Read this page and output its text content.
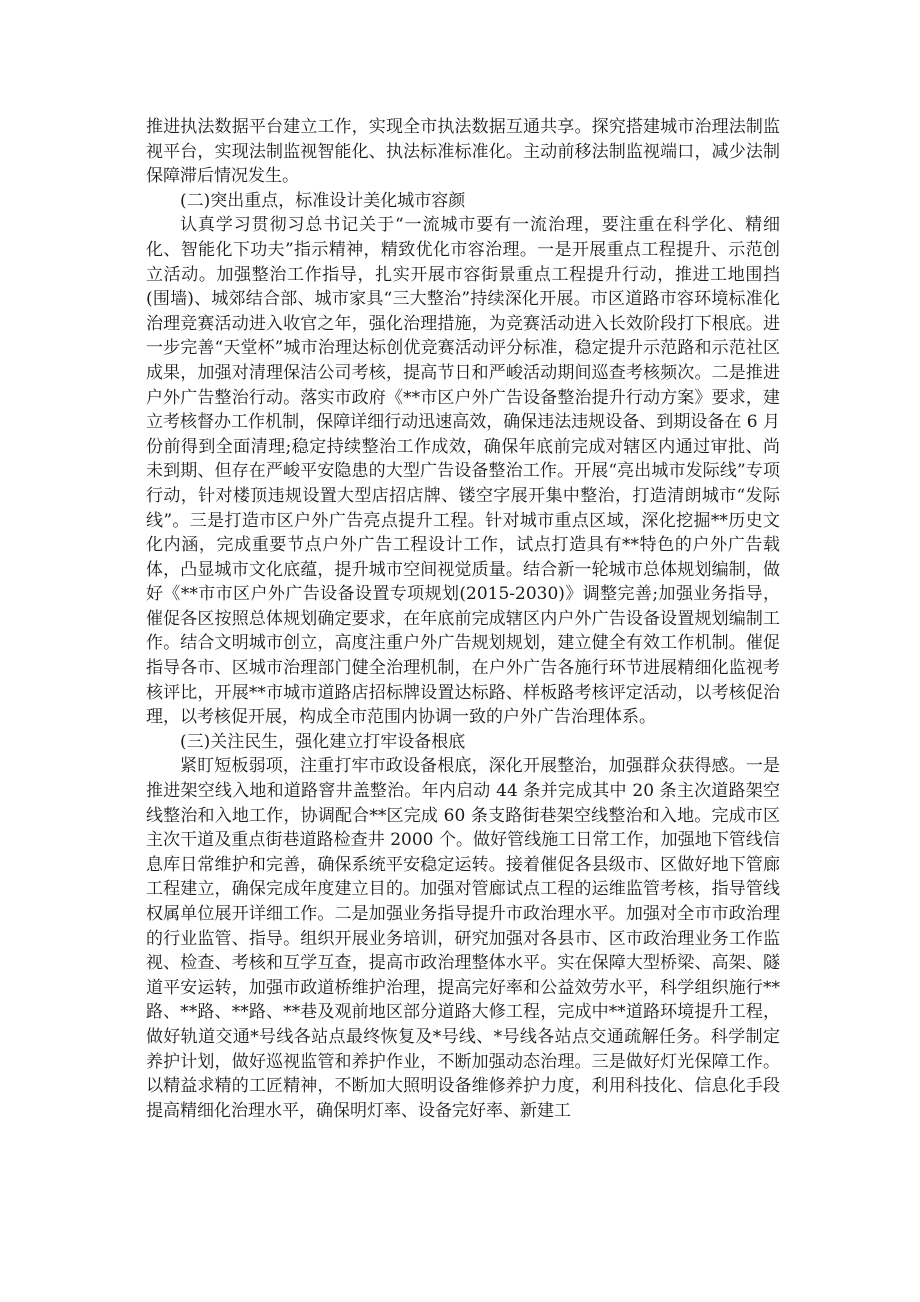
推进执法数据平台建立工作，实现全市执法数据互通共享。探究搭建城市治理法制监视平台，实现法制监视智能化、执法标准标准化。主动前移法制监视端口，减少法制保障滞后情况发生。

(二)突出重点，标准设计美化城市容颜

认真学习贯彻习总书记关于“一流城市要有一流治理，要注重在科学化、精细化、智能化下功夫”指示精神，精致优化市容治理。一是开展重点工程提升、示范创立活动。加强整治工作指导，扎实开展市容街景重点工程提升行动，推进工地围挡(围墙)、城郊结合部、城市家具“三大整治”持续深化开展。市区道路市容环境标准化治理竞赛活动进入收官之年，强化治理措施，为竞赛活动进入长效阶段打下根底。进一步完善“天堂杯”城市治理达标创优竞赛活动评分标准，稳定提升示范路和示范社区成果，加强对清理保洁公司考核，提高节日和严峻活动期间巡查考核频次。二是推进户外广告整治行动。落实市政府《**市区户外广告设备整治提升行动方案》要求，建立考核督办工作机制，保障详细行动迅速高效，确保违法违规设备、到期设备在 6 月份前得到全面清理;稳定持续整治工作成效，确保年底前完成对辖区内通过审批、尚未到期、但存在严峻平安隐患的大型广告设备整治工作。开展“亮出城市发际线”专项行动，针对楼顶违规设置大型店招店牌、镂空字展开集中整治，打造清朗城市“发际线”。三是打造市区户外广告亮点提升工程。针对城市重点区域，深化挖掘**历史文化内涵，完成重要节点户外广告工程设计工作，试点打造具有**特色的户外广告载体，凸显城市文化底蕴，提升城市空间视觉质量。结合新一轮城市总体规划编制，做好《**市市区户外广告设备设置专项规划(2015-2030)》调整完善;加强业务指导，催促各区按照总体规划确定要求，在年底前完成辖区内户外广告设备设置规划编制工作。结合文明城市创立，高度注重户外广告规划规划，建立健全有效工作机制。催促指导各市、区城市治理部门健全治理机制，在户外广告各施行环节进展精细化监视考核评比，开展**市城市道路店招标牌设置达标路、样板路考核评定活动，以考核促治理，以考核促开展，构成全市范围内协调一致的户外广告治理体系。

(三)关注民生，强化建立打牢设备根底

紧盯短板弱项，注重打牢市政设备根底，深化开展整治，加强群众获得感。一是推进架空线入地和道路窨井盖整治。年内启动 44 条并完成其中 20 条主次道路架空线整治和入地工作，协调配合**区完成 60 条支路街巷架空线整治和入地。完成市区主次干道及重点街巷道路检查井 2000 个。做好管线施工日常工作，加强地下管线信息库日常维护和完善，确保系统平安稳定运转。接着催促各县级市、区做好地下管廊工程建立，确保完成年度建立目的。加强对管廊试点工程的运维监管考核，指导管线权属单位展开详细工作。二是加强业务指导提升市政治理水平。加强对全市市政治理的行业监管、指导。组织开展业务培训，研究加强对各县市、区市政治理业务工作监视、检查、考核和互学互查，提高市政治理整体水平。实在保障大型桥梁、高架、隧道平安运转，加强市政道桥维护治理，提高完好率和公益效劳水平，科学组织施行**路、**路、**路、**巷及观前地区部分道路大修工程，完成中**道路环境提升工程，做好轨道交通*号线各站点最终恢复及*号线、*号线各站点交通疏解任务。科学制定养护计划，做好巡视监管和养护作业，不断加强动态治理。三是做好灯光保障工作。以精益求精的工匠精神，不断加大照明设备维修养护力度，利用科技化、信息化手段提高精细化治理水平，确保明灯率、设备完好率、新建工
